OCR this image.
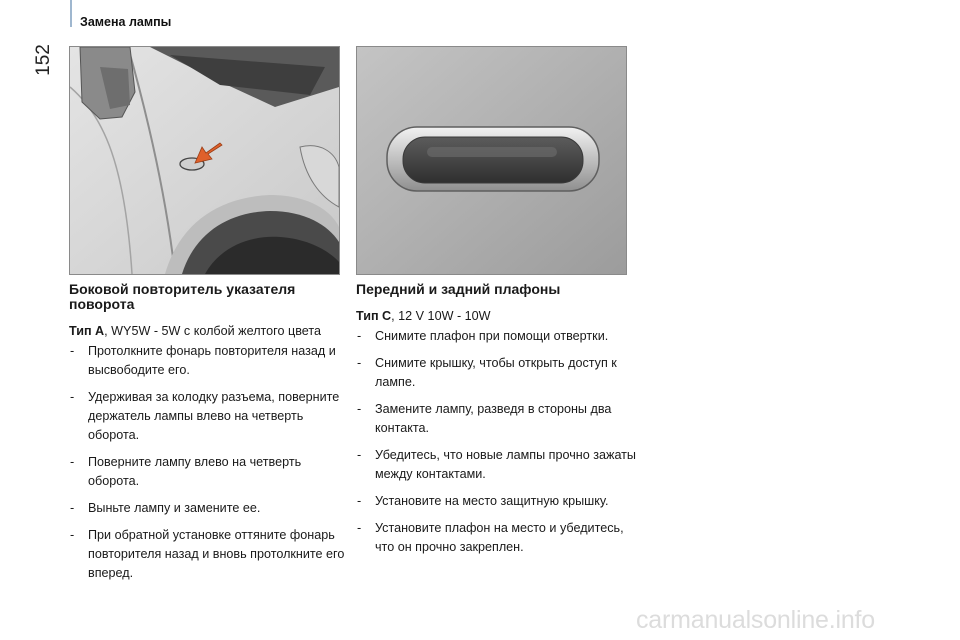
152
Замена лампы
Боковой повторитель указателя поворота
Тип A, WY5W - 5W с колбой желтого цвета
- Протолкните фонарь повторителя назад и высвободите его.
- Удерживая за колодку разъема, поверните держатель лампы влево на четверть оборота.
- Поверните лампу влево на четверть оборота.
- Выньте лампу и замените ее.
- При обратной установке оттяните фонарь повторителя назад и вновь протолкните его вперед.
Передний и задний плафоны
Тип C, 12 V 10W - 10W
- Снимите плафон при помощи отвертки.
- Снимите крышку, чтобы открыть доступ к лампе.
- Замените лампу, разведя в стороны два контакта.
- Убедитесь, что новые лампы прочно зажаты между контактами.
- Установите на место защитную крышку.
- Установите плафон на место и убедитесь, что он прочно закреплен.
carmanualsonline.info
